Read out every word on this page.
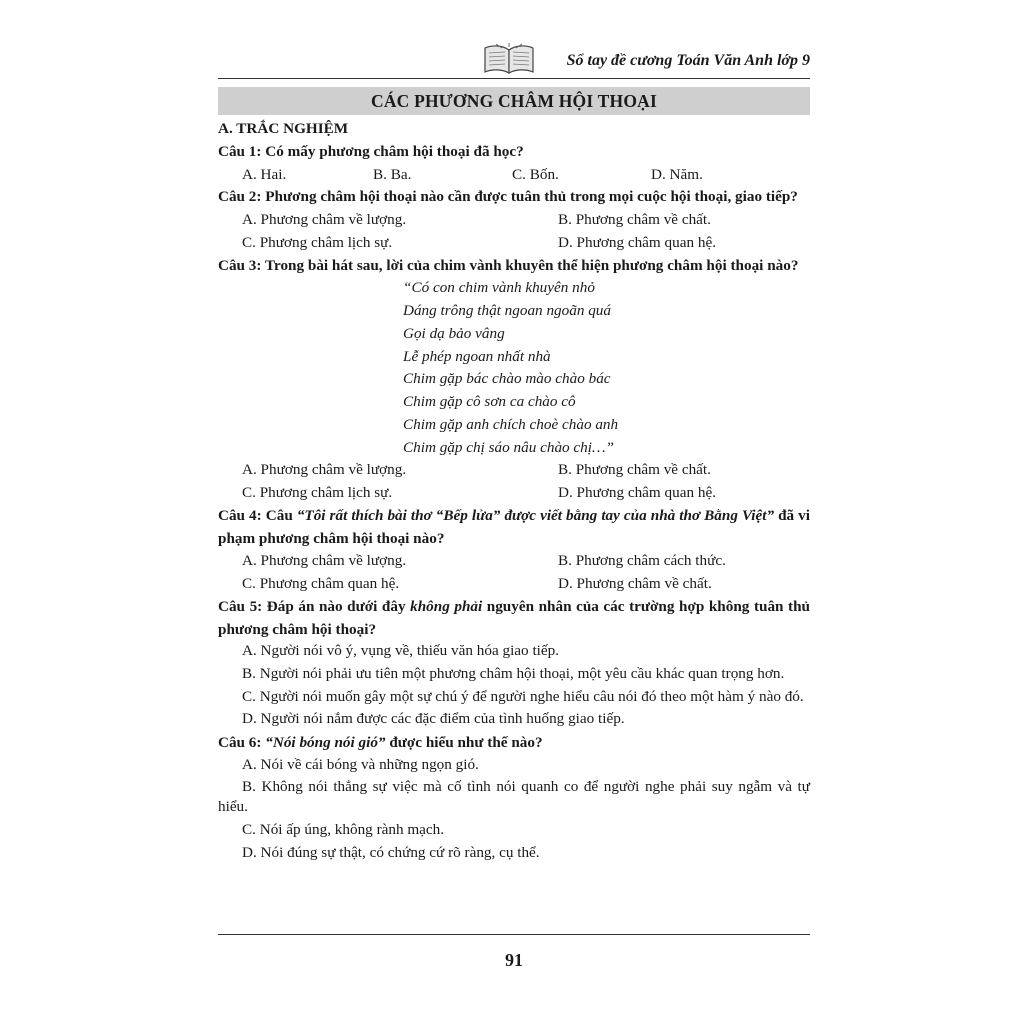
Sổ tay đề cương Toán Văn Anh lớp 9
CÁC PHƯƠNG CHÂM HỘI THOẠI
A. TRẮC NGHIỆM
Câu 1: Có mấy phương châm hội thoại đã học?
A. Hai.	B. Ba.	C. Bốn.	D. Năm.
Câu 2: Phương châm hội thoại nào cần được tuân thủ trong mọi cuộc hội thoại, giao tiếp?
A. Phương châm về lượng.	B. Phương châm về chất.
C. Phương châm lịch sự.	D. Phương châm quan hệ.
Câu 3: Trong bài hát sau, lời của chim vành khuyên thể hiện phương châm hội thoại nào?
“Có con chim vành khuyên nhỏ
Dáng trông thật ngoan ngoãn quá
Gọi dạ bảo vâng
Lễ phép ngoan nhất nhà
Chim gặp bác chào mào chào bác
Chim gặp cô sơn ca chào cô
Chim gặp anh chích choè chào anh
Chim gặp chị sáo nâu chào chị…”
A. Phương châm về lượng.	B. Phương châm về chất.
C. Phương châm lịch sự.	D. Phương châm quan hệ.
Câu 4: Câu “Tôi rất thích bài thơ “Bếp lửa” được viết bằng tay của nhà thơ Bằng Việt” đã vi phạm phương châm hội thoại nào?
A. Phương châm về lượng.	B. Phương châm cách thức.
C. Phương châm quan hệ.	D. Phương châm về chất.
Câu 5: Đáp án nào dưới đây không phải nguyên nhân của các trường hợp không tuân thủ phương châm hội thoại?
A. Người nói vô ý, vụng về, thiếu văn hóa giao tiếp.
B. Người nói phải ưu tiên một phương châm hội thoại, một yêu cầu khác quan trọng hơn.
C. Người nói muốn gây một sự chú ý để người nghe hiểu câu nói đó theo một hàm ý nào đó.
D. Người nói nắm được các đặc điểm của tình huống giao tiếp.
Câu 6: “Nói bóng nói gió” được hiểu như thế nào?
A. Nói về cái bóng và những ngọn gió.
B. Không nói thẳng sự việc mà cố tình nói quanh co để người nghe phải suy ngẫm và tự hiểu.
C. Nói ấp úng, không rành mạch.
D. Nói đúng sự thật, có chứng cứ rõ ràng, cụ thể.
91
